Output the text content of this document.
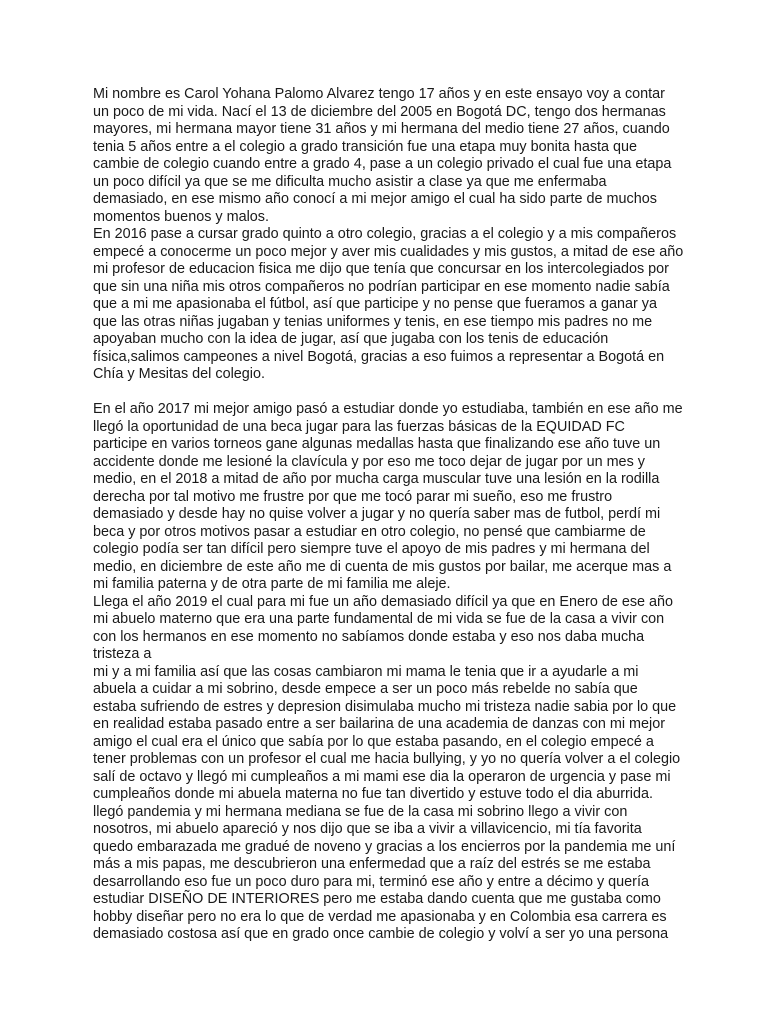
Mi nombre es Carol Yohana Palomo Alvarez tengo 17 años y en este ensayo voy a contar
un poco de mi vida. Nací el 13 de diciembre del 2005 en Bogotá DC, tengo dos hermanas
mayores, mi hermana mayor tiene 31 años y mi hermana del medio tiene 27 años, cuando
tenia 5 años entre a el colegio a grado transición fue una etapa muy bonita hasta que
cambie de colegio cuando entre a grado 4, pase a un colegio privado el cual fue una etapa
un poco difícil ya que se me dificulta mucho asistir a clase ya que me enfermaba
demasiado, en ese mismo año conocí a mi mejor amigo el cual ha sido parte de muchos
momentos buenos y malos.

En 2016 pase a cursar grado quinto a otro colegio, gracias a el colegio y a mis compañeros
empecé a conocerme un poco mejor y aver mis cualidades y mis gustos, a mitad de ese año
mi profesor de educacion fisica me dijo que tenía que concursar en los intercolegiados por
que sin una niña mis otros compañeros no podrían participar en ese momento nadie sabía
que a mi me apasionaba el fútbol, así que participe y no pense que fueramos a ganar ya
que las otras niñas jugaban y tenias uniformes y tenis, en ese tiempo mis padres no me
apoyaban mucho con la idea de jugar, así que jugaba con los tenis de educación
física,salimos campeones a nivel Bogotá, gracias a eso fuimos a representar a Bogotá en
Chía y Mesitas del colegio.

En el año 2017 mi mejor amigo pasó a estudiar donde yo estudiaba, también en ese año me
llegó la oportunidad de una beca jugar para las fuerzas básicas de la EQUIDAD FC
participe en varios torneos gane algunas medallas hasta que finalizando ese año tuve un
accidente donde me lesioné la clavícula y por eso me toco dejar de jugar por un mes y
medio, en el 2018 a mitad de año por mucha carga muscular tuve una lesión en la rodilla
derecha por tal motivo me frustre por que me tocó parar mi sueño, eso me frustro
demasiado y desde hay no quise volver a jugar y no quería saber mas de futbol, perdí mi
beca y por otros motivos pasar a estudiar en otro colegio, no pensé que cambiarme de
colegio podía ser tan difícil pero siempre tuve el apoyo de mis padres y mi hermana del
medio, en diciembre de este año me di cuenta de mis gustos por bailar, me acerque mas a
mi familia paterna y de otra parte de mi familia me aleje.

Llega el año 2019 el cual para mi fue un año demasiado difícil ya que en Enero de ese año
mi abuelo materno que era una parte fundamental de mi vida se fue de la casa a vivir con
con los hermanos en ese momento no sabíamos donde estaba y eso nos daba mucha tristeza a
mi y a mi familia así que las cosas cambiaron mi mama le tenia que ir a ayudarle a mi
abuela a cuidar a mi sobrino, desde empece a ser un poco más rebelde no sabía que
estaba sufriendo de estres y depresion disimulaba mucho mi tristeza nadie sabia por lo que
en realidad estaba pasado entre a ser bailarina de una academia de danzas con mi mejor
amigo el cual era el único que sabía por lo que estaba pasando, en el colegio empecé a
tener problemas con un profesor el cual me hacia bullying, y yo no quería volver a el colegio
salí de octavo y llegó mi cumpleaños a mi mami ese dia la operaron de urgencia y pase mi
cumpleaños donde mi abuela materna no fue tan divertido y estuve todo el dia aburrida.

llegó pandemia y mi hermana mediana se fue de la casa mi sobrino llego a vivir con
nosotros, mi abuelo apareció y nos dijo que se iba a vivir a villavicencio, mi tía favorita
quedo embarazada me gradué de noveno y gracias a los encierros por la pandemia me uní
más a mis papas, me descubrieron una enfermedad que a raíz del estrés se me estaba
desarrollando eso fue un poco duro para mi, terminó ese año y entre a décimo y quería
estudiar DISEÑO DE INTERIORES pero me estaba dando cuenta que me gustaba como
hobby diseñar pero no era lo que de verdad me apasionaba y en Colombia esa carrera es
demasiado costosa así que en grado once cambie de colegio y volví a ser yo una persona
